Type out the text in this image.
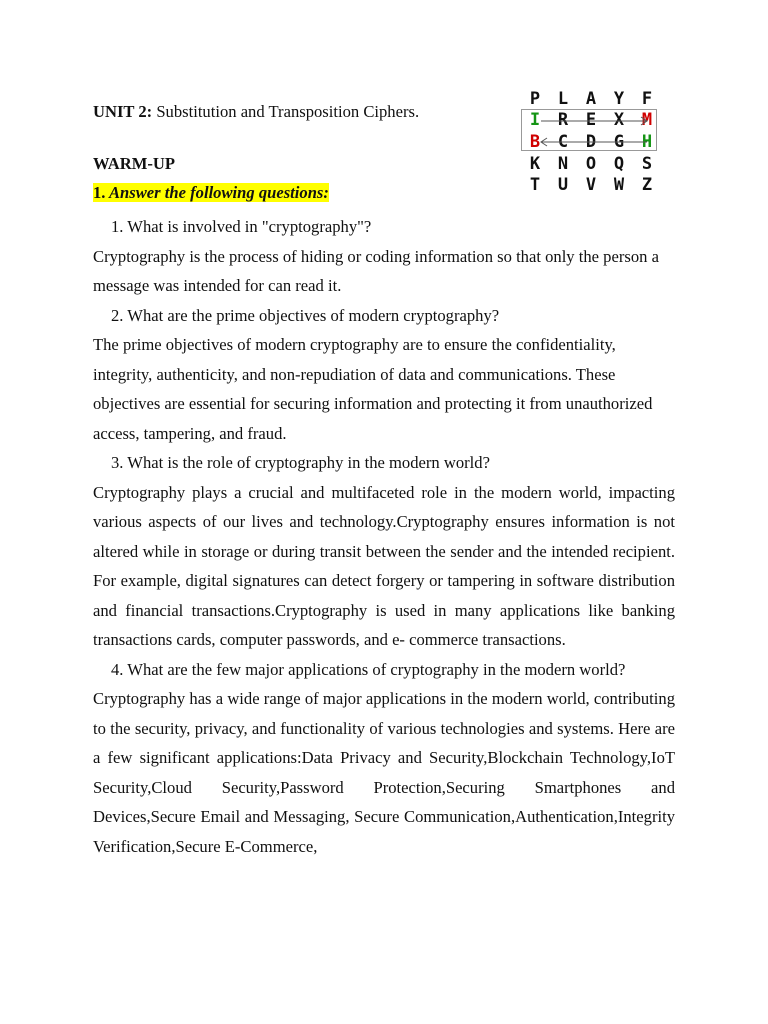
UNIT 2: Substitution and Transposition Ciphers.
WARM-UP
1. Answer the following questions:
P	L	A	Y	F
I	R	E	X	M
B	C	D	G	H
K	N	O	Q	S
T	U	V	W	Z

1. What is involved in "cryptography"?

Cryptography is the process of hiding or coding information so that only the person a message was intended for can read it.

2. What are the prime objectives of modern cryptography?

The prime objectives of modern cryptography are to ensure the confidentiality, integrity, authenticity, and non-repudiation of data and communications. These objectives are essential for securing information and protecting it from unauthorized access, tampering, and fraud.

3. What is the role of cryptography in the modern world?

Cryptography plays a crucial and multifaceted role in the modern world, impacting various aspects of our lives and technology.Cryptography ensures information is not altered while in storage or during transit between the sender and the intended recipient. For example, digital signatures can detect forgery or tampering in software distribution and financial transactions.Cryptography is used in many applications like banking transactions cards, computer passwords, and e- commerce transactions.

4. What are the few major applications of cryptography in the modern world?

Cryptography has a wide range of major applications in the modern world, contributing to the security, privacy, and functionality of various technologies and systems. Here are a few significant applications:Data Privacy and Security,Blockchain Technology,IoT Security,Cloud Security,Password Protection,Securing Smartphones and Devices,Secure Email and Messaging, Secure Communication,Authentication,Integrity Verification,Secure E-Commerce,
